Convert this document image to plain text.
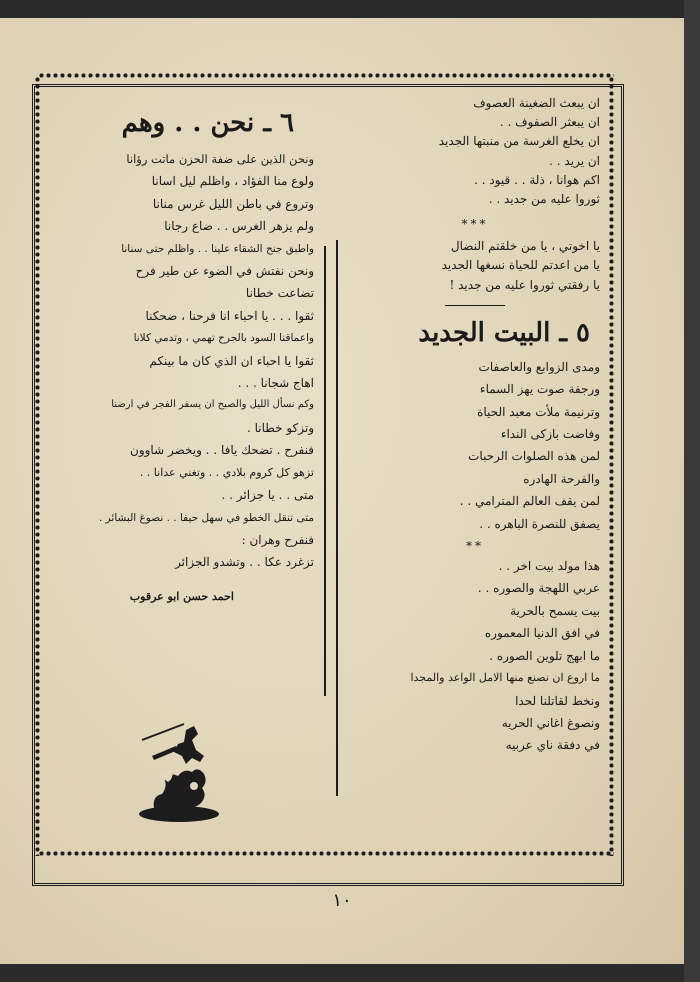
ان يبعث الضغينة العصوف
ان يبعثر الصفوف . .
ان يخلع الغرسة من منبتها الجديد
ان يريد . .
اكم هوانا ، ذلة . . قيود . .
ثوروا عليه من جديد . .
***
يا اخوتي ، يا من خلقتم النضال
يا من اعدتم للحياة نسغها الجديد
يا رفقتي ثوروا عليه من جديد !
٥ ـ البيت الجديد
ومدى الزوابع والعاصفات
ورجفة صوت يهز السماء
وترنيمة ملأت معبد الحياة
وفاضت بازكى النداء
لمن هذه الصلوات الرحبات
والفرحة الهادره
لمن يقف العالم المترامي . .
يصفق للنصرة الباهره . .
**
هذا مولد بيت اخر . .
عربي اللهجة والصوره . .
بيت يسمح بالحرية
في افق الدنيا المعموره
ما ابهج تلوين الصوره .
ما اروع ان نصنع منها الامل الواعد والمجدا
ونخط لقاتلنا لحدا
ونصوغ اغاني الحريه
في دفقة ناي عربيه
٦ ـ نحن . . وهم
ونحن الذين على ضفة الحزن ماتت رؤانا
ولوع منا الفؤاد ، واظلم ليل اسانا
وتروع في باطن الليل غرس منانا
ولم يزهر الغرس . . ضاع رجانا
واطبق جنح الشقاء علينا . . واظلم حتى سنانا
ونحن نفتش في الضوء عن طير فرح
تضاعت خطانا
ثقوا . . . يا احباء انا فرحنا ، ضحكنا
واعماقنا السود بالجرح تهمي ، وتدمي كلانا
ثقوا يا احباء ان الذي كان ما بينكم
اهاج شجانا . . .
وكم نسأل الليل والصبح ان يسفر الفجر في ارضنا
وتزكو خطانا .
فنفرح . تضحك يافا . . ويخضر شاوون
تزهو كل كروم بلادي . . وتغني عدانا . .
متى . . يا جزائر . .
متى تنقل الخطو في سهل حيفا . . نصوغ البشائر .
فنفرح وهران :
تزغرد عكا . . وتشدو الجزائر
احمد حسن ابو عرقوب
١٠
